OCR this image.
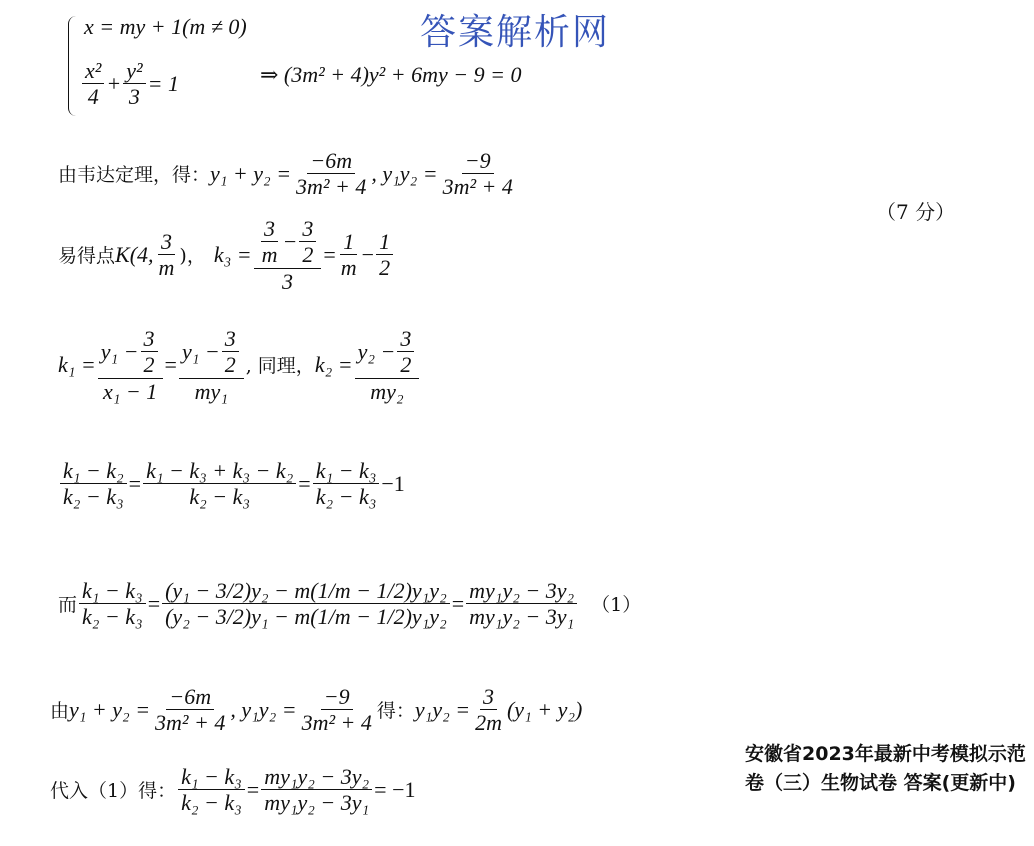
答案解析网
x = my + 1(m ≠ 0)
$\frac{\text{x²}}{4} + \frac{\text{y²}}{3} = 1$	⇒ (3m² + 4)y² + 6my − 9 = 0
由韦达定理，得： $y_1 + y_2 = \frac{-6m}{\text{3m² + 4}}$ , $y_1y_2 = \frac{-9}{\text{3m² + 4}}$
（7 分）
易得点 K(4, $\frac{3}{m}$ )， $k_3 = \frac{\frac{3}{m} - \frac{3}{2}}{3} = \frac{1}{m} - \frac{1}{2}$
$k_1 = \frac{y_1 - \frac{3}{2}}{\text{x₁ − 1}} = \frac{y_1 - \frac{3}{2}}{\text{my₁}}$ , 同理， $k_2 = \frac{y_2 - \frac{3}{2}}{\text{my₂}}$
$\frac{\text{k₁ − k₂}}{\text{k₂ − k₃}} = \frac{\text{k₁ − k₃ + k₃ − k₂}}{\text{k₂ − k₃}} = \frac{\text{k₁ − k₃}}{\text{k₂ − k₃}} -1$
而 $\frac{\text{k₁ − k₃}}{\text{k₂ − k₃}} = \frac{\text{(y₁ − 3/2)y₂ − m(1/m − 1/2)y₁y₂}}{\text{(y₂ − 3/2)y₁ − m(1/m − 1/2)y₁y₂}} = \frac{\text{my₁y₂ − 3y₂}}{\text{my₁y₂ − 3y₁}} (1)$
由 $y_1 + y_2 = \frac{-6m}{\text{3m² + 4}}$ , $y_1y_2 = \frac{-9}{\text{3m² + 4}}$ 得： $y_1y_2 = \frac{3}{2m} (y_1 + y_2)$
代入（1）得： $\frac{\text{k₁ − k₃}}{\text{k₂ − k₃}} = \frac{\text{my₁y₂ − 3y₂}}{\text{my₁y₂ − 3y₁}} = -1$
安徽省2023年最新中考模拟示范卷（三）生物试卷 答案(更新中)
